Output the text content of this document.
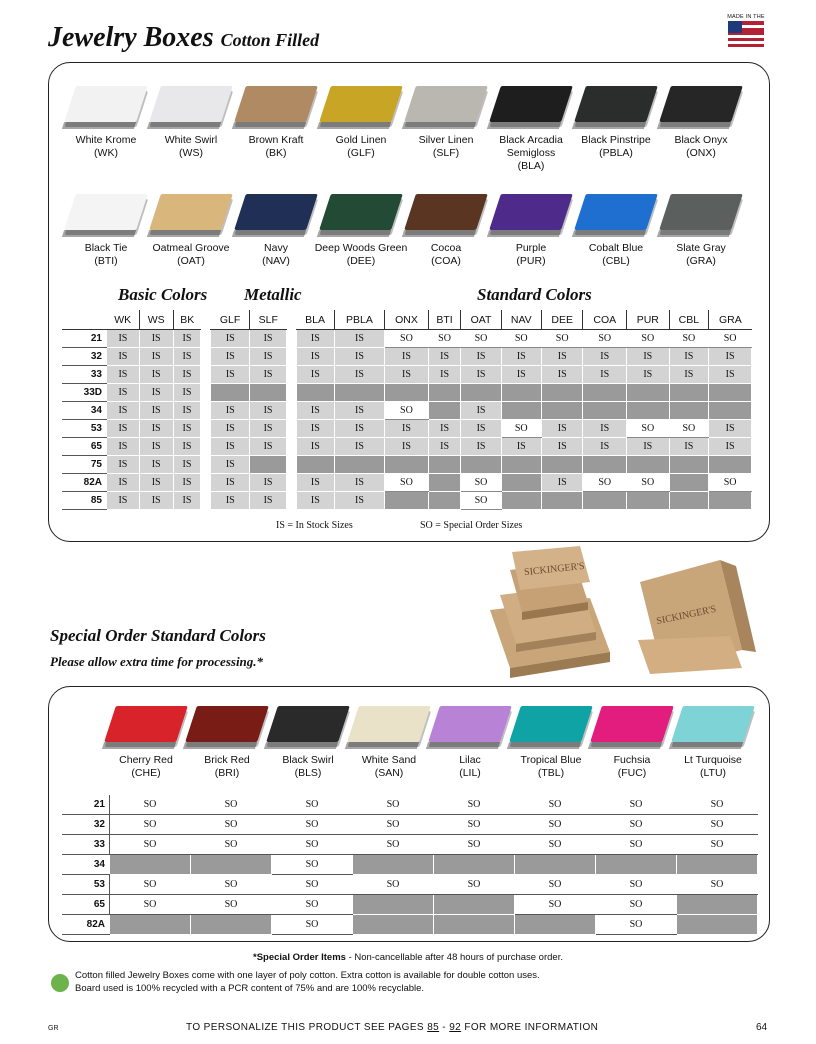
Jewelry Boxes Cotton Filled
MADE IN THE
White Krome
(WK)
White Swirl
(WS)
Brown Kraft
(BK)
Gold Linen
(GLF)
Silver Linen
(SLF)
Black Arcadia Semigloss
(BLA)
Black Pinstripe
(PBLA)
Black Onyx
(ONX)
Black Tie
(BTI)
Oatmeal Groove
(OAT)
Navy
(NAV)
Deep Woods Green
(DEE)
Cocoa
(COA)
Purple
(PUR)
Cobalt Blue
(CBL)
Slate Gray
(GRA)
Basic Colors Metallic	Standard Colors
	WK	WS	BK		GLF	SLF		BLA	PBLA	ONX	BTI	OAT	NAV	DEE	COA	PUR	CBL	GRA
21	IS	IS	IS		IS	IS		IS	IS	SO	SO	SO	SO	SO	SO	SO	SO	SO
32	IS	IS	IS		IS	IS		IS	IS	IS	IS	IS	IS	IS	IS	IS	IS	IS
33	IS	IS	IS		IS	IS		IS	IS	IS	IS	IS	IS	IS	IS	IS	IS	IS
33D	IS	IS	IS															
34	IS	IS	IS		IS	IS		IS	IS	SO		IS						
53	IS	IS	IS		IS	IS		IS	IS	IS	IS	IS	SO	IS	IS	SO	SO	IS
65	IS	IS	IS		IS	IS		IS	IS	IS	IS	IS	IS	IS	IS	IS	IS	IS
75	IS	IS	IS		IS													
82A	IS	IS	IS		IS	IS		IS	IS	SO		SO		IS	SO	SO		SO
85	IS	IS	IS		IS	IS		IS	IS			SO						
IS = In Stock Sizes	SO = Special Order Sizes
SICKINGER'S
SICKINGER'S
Special Order Standard Colors
Please allow extra time for processing.*
Cherry Red
(CHE)
Brick Red
(BRI)
Black Swirl
(BLS)
White Sand
(SAN)
Lilac
(LIL)
Tropical Blue
(TBL)
Fuchsia
(FUC)
Lt Turquoise
(LTU)
21	SO	SO	SO	SO	SO	SO	SO	SO
32	SO	SO	SO	SO	SO	SO	SO	SO
33	SO	SO	SO	SO	SO	SO	SO	SO
34			SO					
53	SO	SO	SO	SO	SO	SO	SO	SO
65	SO	SO	SO			SO	SO	
82A			SO				SO	
*Special Order Items - Non-cancellable after 48 hours of purchase order.
Cotton filled Jewelry Boxes come with one layer of poly cotton. Extra cotton is available for double cotton uses.
Board used is 100% recycled with a PCR content of 75% and are 100% recyclable.
GR	TO PERSONALIZE THIS PRODUCT SEE PAGES 85 - 92 FOR MORE INFORMATION	64
